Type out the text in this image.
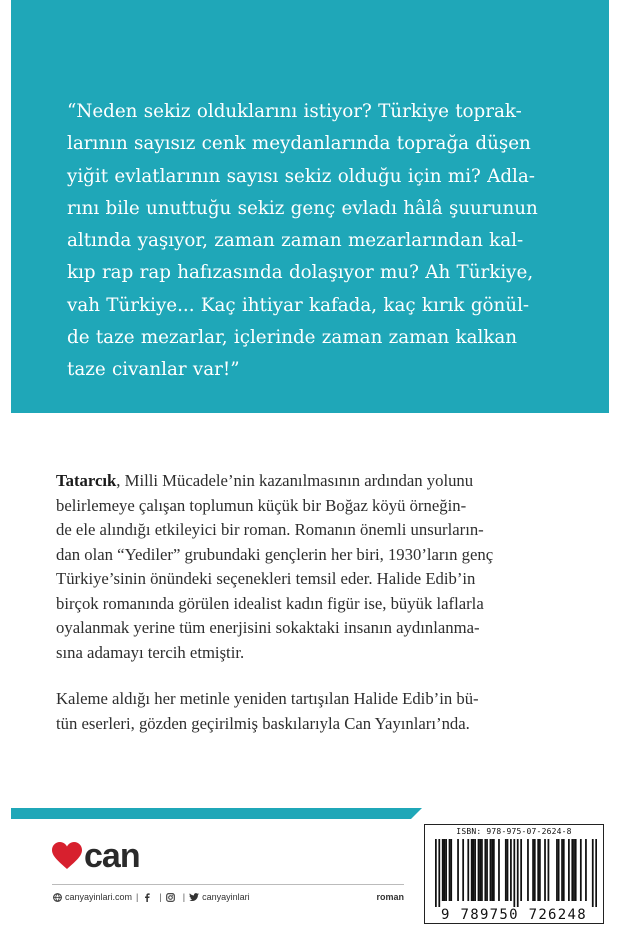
“Neden sekiz olduklarını istiyor? Türkiye toprak-
larının sayısız cenk meydanlarında toprağa düşen
yiğit evlatlarının sayısı sekiz olduğu için mi? Adla-
rını bile unuttuğu sekiz genç evladı hâlâ şuurunun
altında yaşıyor, zaman zaman mezarlarından kal-
kıp rap rap hafızasında dolaşıyor mu? Ah Türkiye,
vah Türkiye... Kaç ihtiyar kafada, kaç kırık gönül-
de taze mezarlar, içlerinde zaman zaman kalkan
taze civanlar var!”

Tatarcık, Milli Mücadele’nin kazanılmasının ardından yolunu
belirlemeye çalışan toplumun küçük bir Boğaz köyü örneğin-
de ele alındığı etkileyici bir roman. Romanın önemli unsurların-
dan olan “Yediler” grubundaki gençlerin her biri, 1930’ların genç
Türkiye’sinin önündeki seçenekleri temsil eder. Halide Edib’in
birçok romanında görülen idealist kadın figür ise, büyük laflarla
oyalanmak yerine tüm enerjisini sokaktaki insanın aydınlanma-
sına adamayı tercih etmiştir.

Kaleme aldığı her metinle yeniden tartışılan Halide Edib’in bü-
tün eserleri, gözden geçirilmiş baskılarıyla Can Yayınları’nda.

can
canyayinlari.com | | | canyayinlari	roman
ISBN: 978-975-07-2624-8
9 789750 726248
